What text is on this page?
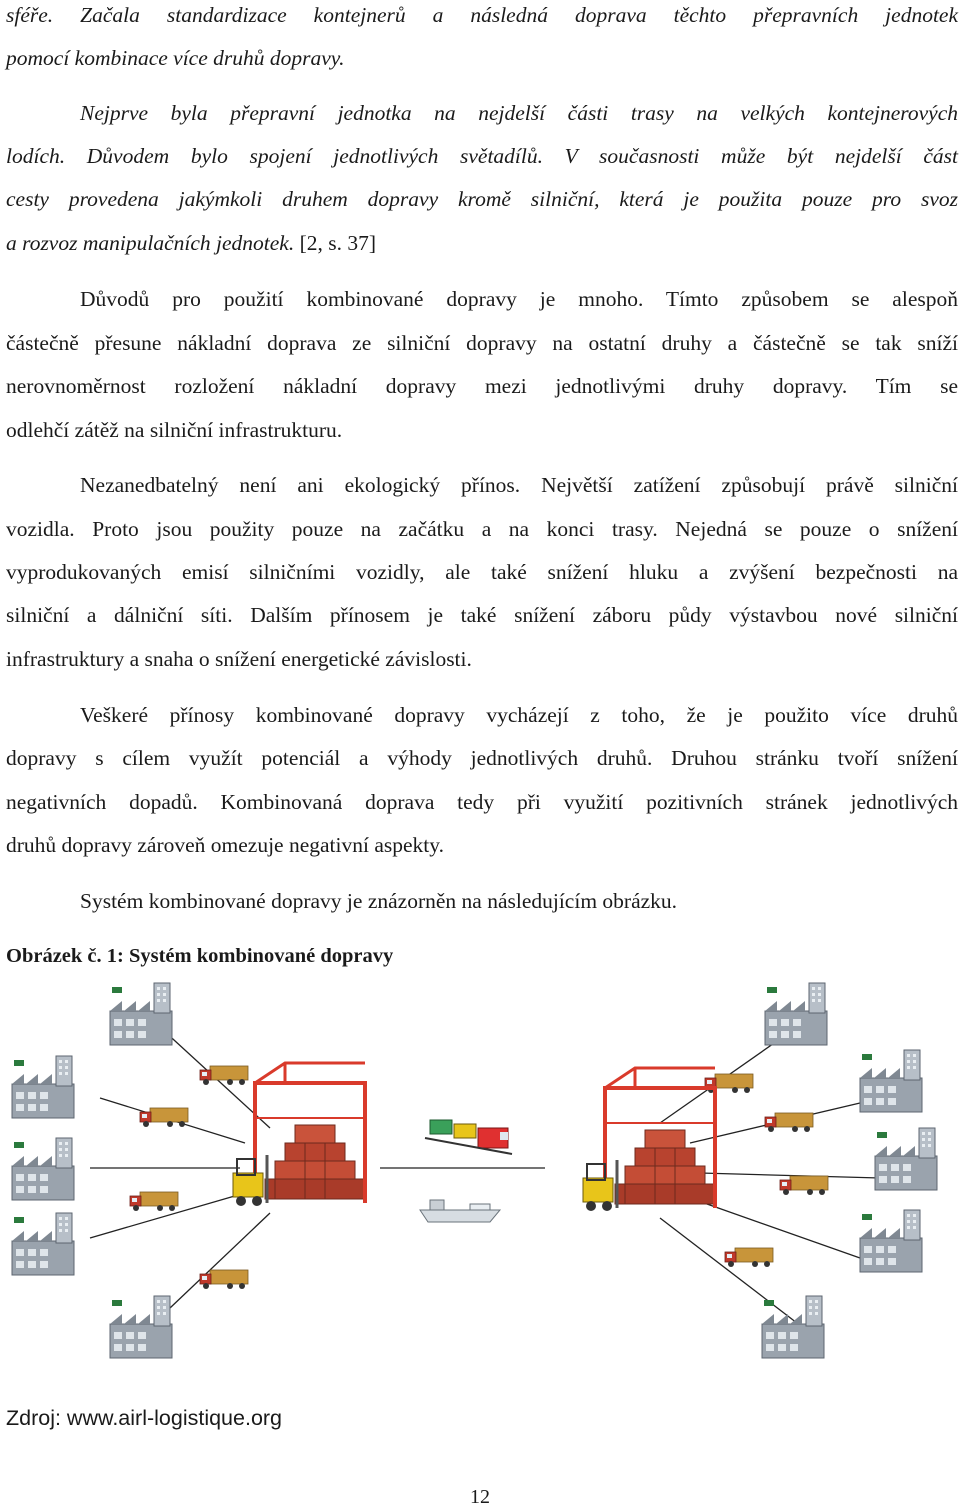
sféře. Začala standardizace kontejnerů a následná doprava těchto přepravních jednotek
pomocí kombinace více druhů dopravy.
Nejprve byla přepravní jednotka na nejdelší části trasy na velkých kontejnerových
lodích. Důvodem bylo spojení jednotlivých světadílů. V současnosti může být nejdelší část
cesty provedena jakýmkoli druhem dopravy kromě silniční, která je použita pouze pro svoz
a rozvoz manipulačních jednotek. [2, s. 37]
Důvodů pro použití kombinované dopravy je mnoho. Tímto způsobem se alespoň
částečně přesune nákladní doprava ze silniční dopravy na ostatní druhy a částečně se tak sníží
nerovnoměrnost rozložení nákladní dopravy mezi jednotlivými druhy dopravy. Tím se
odlehčí zátěž na silniční infrastrukturu.
Nezanedbatelný není ani ekologický přínos. Největší zatížení způsobují právě silniční
vozidla. Proto jsou použity pouze na začátku a na konci trasy. Nejedná se pouze o snížení
vyprodukovaných emisí silničními vozidly, ale také snížení hluku a zvýšení bezpečnosti na
silniční a dálniční síti. Dalším přínosem je také snížení záboru půdy výstavbou nové silniční
infrastruktury a snaha o snížení energetické závislosti.
Veškeré přínosy kombinované dopravy vycházejí z toho, že je použito více druhů
dopravy s cílem využít potenciál a výhody jednotlivých druhů. Druhou stránku tvoří snížení
negativních dopadů. Kombinovaná doprava tedy při využití pozitivních stránek jednotlivých
druhů dopravy zároveň omezuje negativní aspekty.
Systém kombinované dopravy je znázorněn na následujícím obrázku.
Obrázek č. 1: Systém kombinované dopravy
Zdroj: www.airl-logistique.org
12
